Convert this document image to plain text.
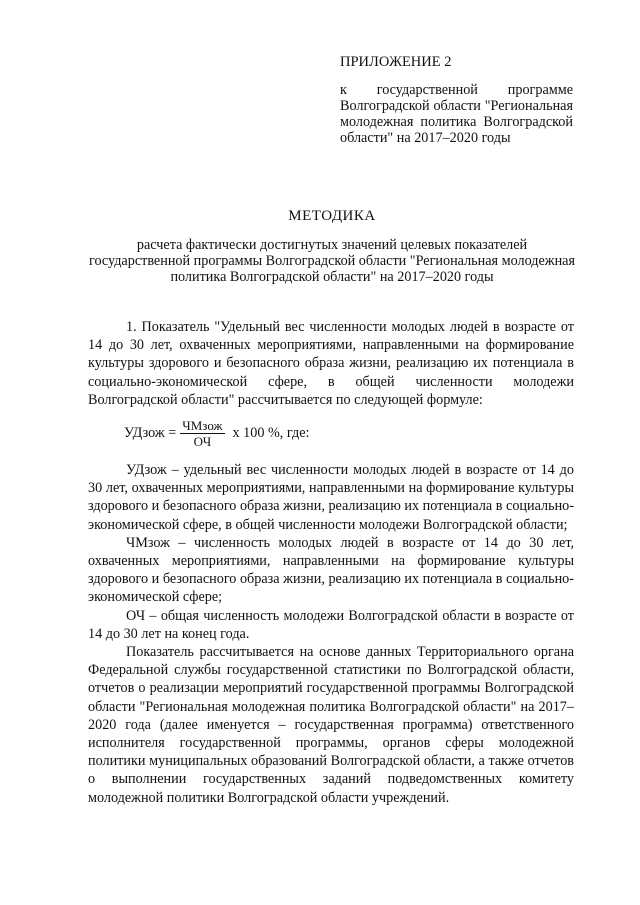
ПРИЛОЖЕНИЕ 2

к государственной программе Волгоградской области "Региональная молодежная политика Волгоградской области" на 2017–2020 годы

МЕТОДИКА

расчета фактически достигнутых значений целевых показателей государственной программы Волгоградской области "Региональная молодежная политика Волгоградской области" на 2017–2020 годы

1. Показатель "Удельный вес численности молодых людей в возрасте от 14 до 30 лет, охваченных мероприятиями, направленными на формирование культуры здорового и безопасного образа жизни, реализацию их потенциала в социально-экономической сфере, в общей численности молодежи Волгоградской области" рассчитывается по следующей формуле:

УДзож = $\frac{\text{ЧМзож}}{ОЧ}$ х 100 %, где:

УДзож – удельный вес численности молодых людей в возрасте от 14 до 30 лет, охваченных мероприятиями, направленными на формирование культуры здорового и безопасного образа жизни, реализацию их потенциала в социально-экономической сфере, в общей численности молодежи Волгоградской области;

ЧМзож – численность молодых людей в возрасте от 14 до 30 лет, охваченных мероприятиями, направленными на формирование культуры здорового и безопасного образа жизни, реализацию их потенциала в социально-экономической сфере;

ОЧ – общая численность молодежи Волгоградской области в возрасте от 14 до 30 лет на конец года.

Показатель рассчитывается на основе данных Территориального органа Федеральной службы государственной статистики по Волгоградской области, отчетов о реализации мероприятий государственной программы Волгоградской области "Региональная молодежная политика Волгоградской области" на 2017–2020 года (далее именуется – государственная программа) ответственного исполнителя государственной программы, органов сферы молодежной политики муниципальных образований Волгоградской области, а также отчетов о выполнении государственных заданий подведомственных комитету молодежной политики Волгоградской области учреждений.
